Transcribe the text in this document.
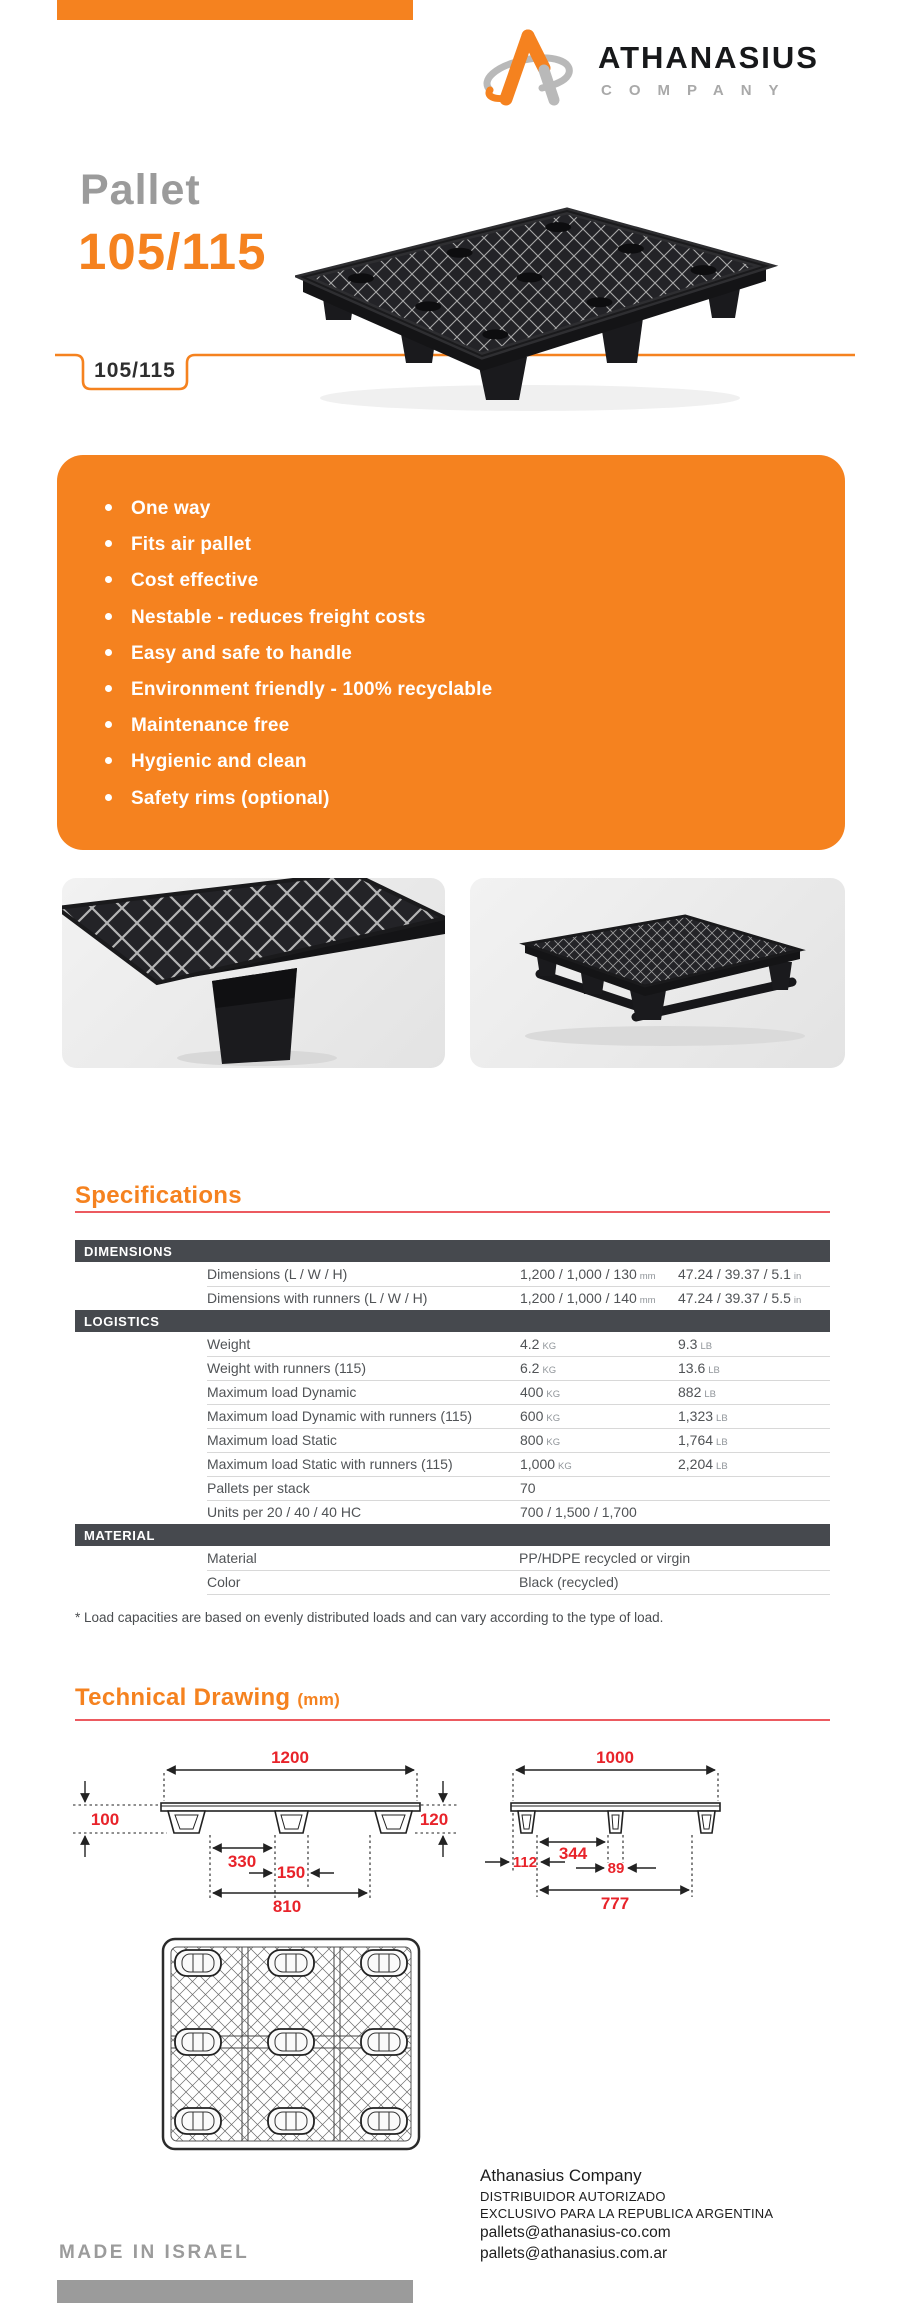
ATHANASIUS
COMPANY
Pallet
105/115
105/115
One way
Fits air pallet
Cost effective
Nestable - reduces freight costs
Easy and safe to handle
Environment friendly - 100% recyclable
Maintenance free
Hygienic and clean
Safety rims (optional)
Specifications
DIMENSIONS
Dimensions (L / W / H)	1,200 / 1,000 / 130 mm	47.24 / 39.37 / 5.1 in
Dimensions with runners (L / W / H)	1,200 / 1,000 / 140 mm	47.24 / 39.37 / 5.5 in
LOGISTICS
Weight	4.2 KG	9.3 LB
Weight with runners (115)	6.2 KG	13.6 LB
Maximum load Dynamic	400 KG	882 LB
Maximum load Dynamic with runners (115)	600 KG	1,323 LB
Maximum load Static	800 KG	1,764 LB
Maximum load Static with runners (115)	1,000 KG	2,204 LB
Pallets per stack	70
Units per 20 / 40 / 40 HC	700 / 1,500 / 1,700
MATERIAL
Material	PP/HDPE recycled or virgin
Color	Black (recycled)
* Load capacities are based on evenly distributed loads and can vary according to the type of load.
Technical Drawing (mm)
1200
100	120
330
150
810
1000
344
112	89
777
MADE IN ISRAEL
Athanasius Company
DISTRIBUIDOR AUTORIZADO
EXCLUSIVO PARA LA REPUBLICA ARGENTINA
pallets@athanasius-co.com
pallets@athanasius.com.ar
